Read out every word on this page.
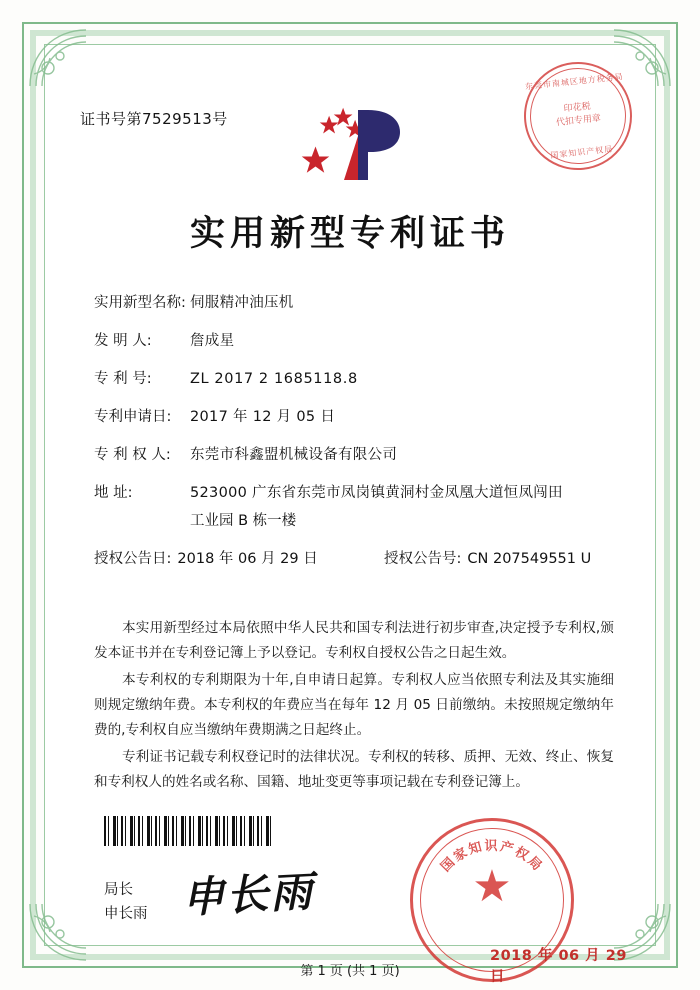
证书号第7529513号
东莞市南城区地方税务局
印花税
代扣专用章
国家知识产权局
实用新型专利证书
实用新型名称: 伺服精冲油压机
发 明 人:	詹成星
专 利 号:	ZL 2017 2 1685118.8
专利申请日:	2017 年 12 月 05 日
专 利 权 人:	东莞市科鑫盟机械设备有限公司
地 址:	523000 广东省东莞市凤岗镇黄洞村金凤凰大道恒凤闯田
工业园 B 栋一楼
授权公告日: 2018 年 06 月 29 日	授权公告号: CN 207549551 U

本实用新型经过本局依照中华人民共和国专利法进行初步审查,决定授予专利权,颁发本证书并在专利登记簿上予以登记。专利权自授权公告之日起生效。

本专利权的专利期限为十年,自申请日起算。专利权人应当依照专利法及其实施细则规定缴纳年费。本专利权的年费应当在每年 12 月 05 日前缴纳。未按照规定缴纳年费的,专利权自应当缴纳年费期满之日起终止。

专利证书记载专利权登记时的法律状况。专利权的转移、质押、无效、终止、恢复和专利权人的姓名或名称、国籍、地址变更等事项记载在专利登记簿上。

局长
申长雨 申长雨
国家知识产权局
★
2018 年 06 月 29 日
第 1 页 (共 1 页)
